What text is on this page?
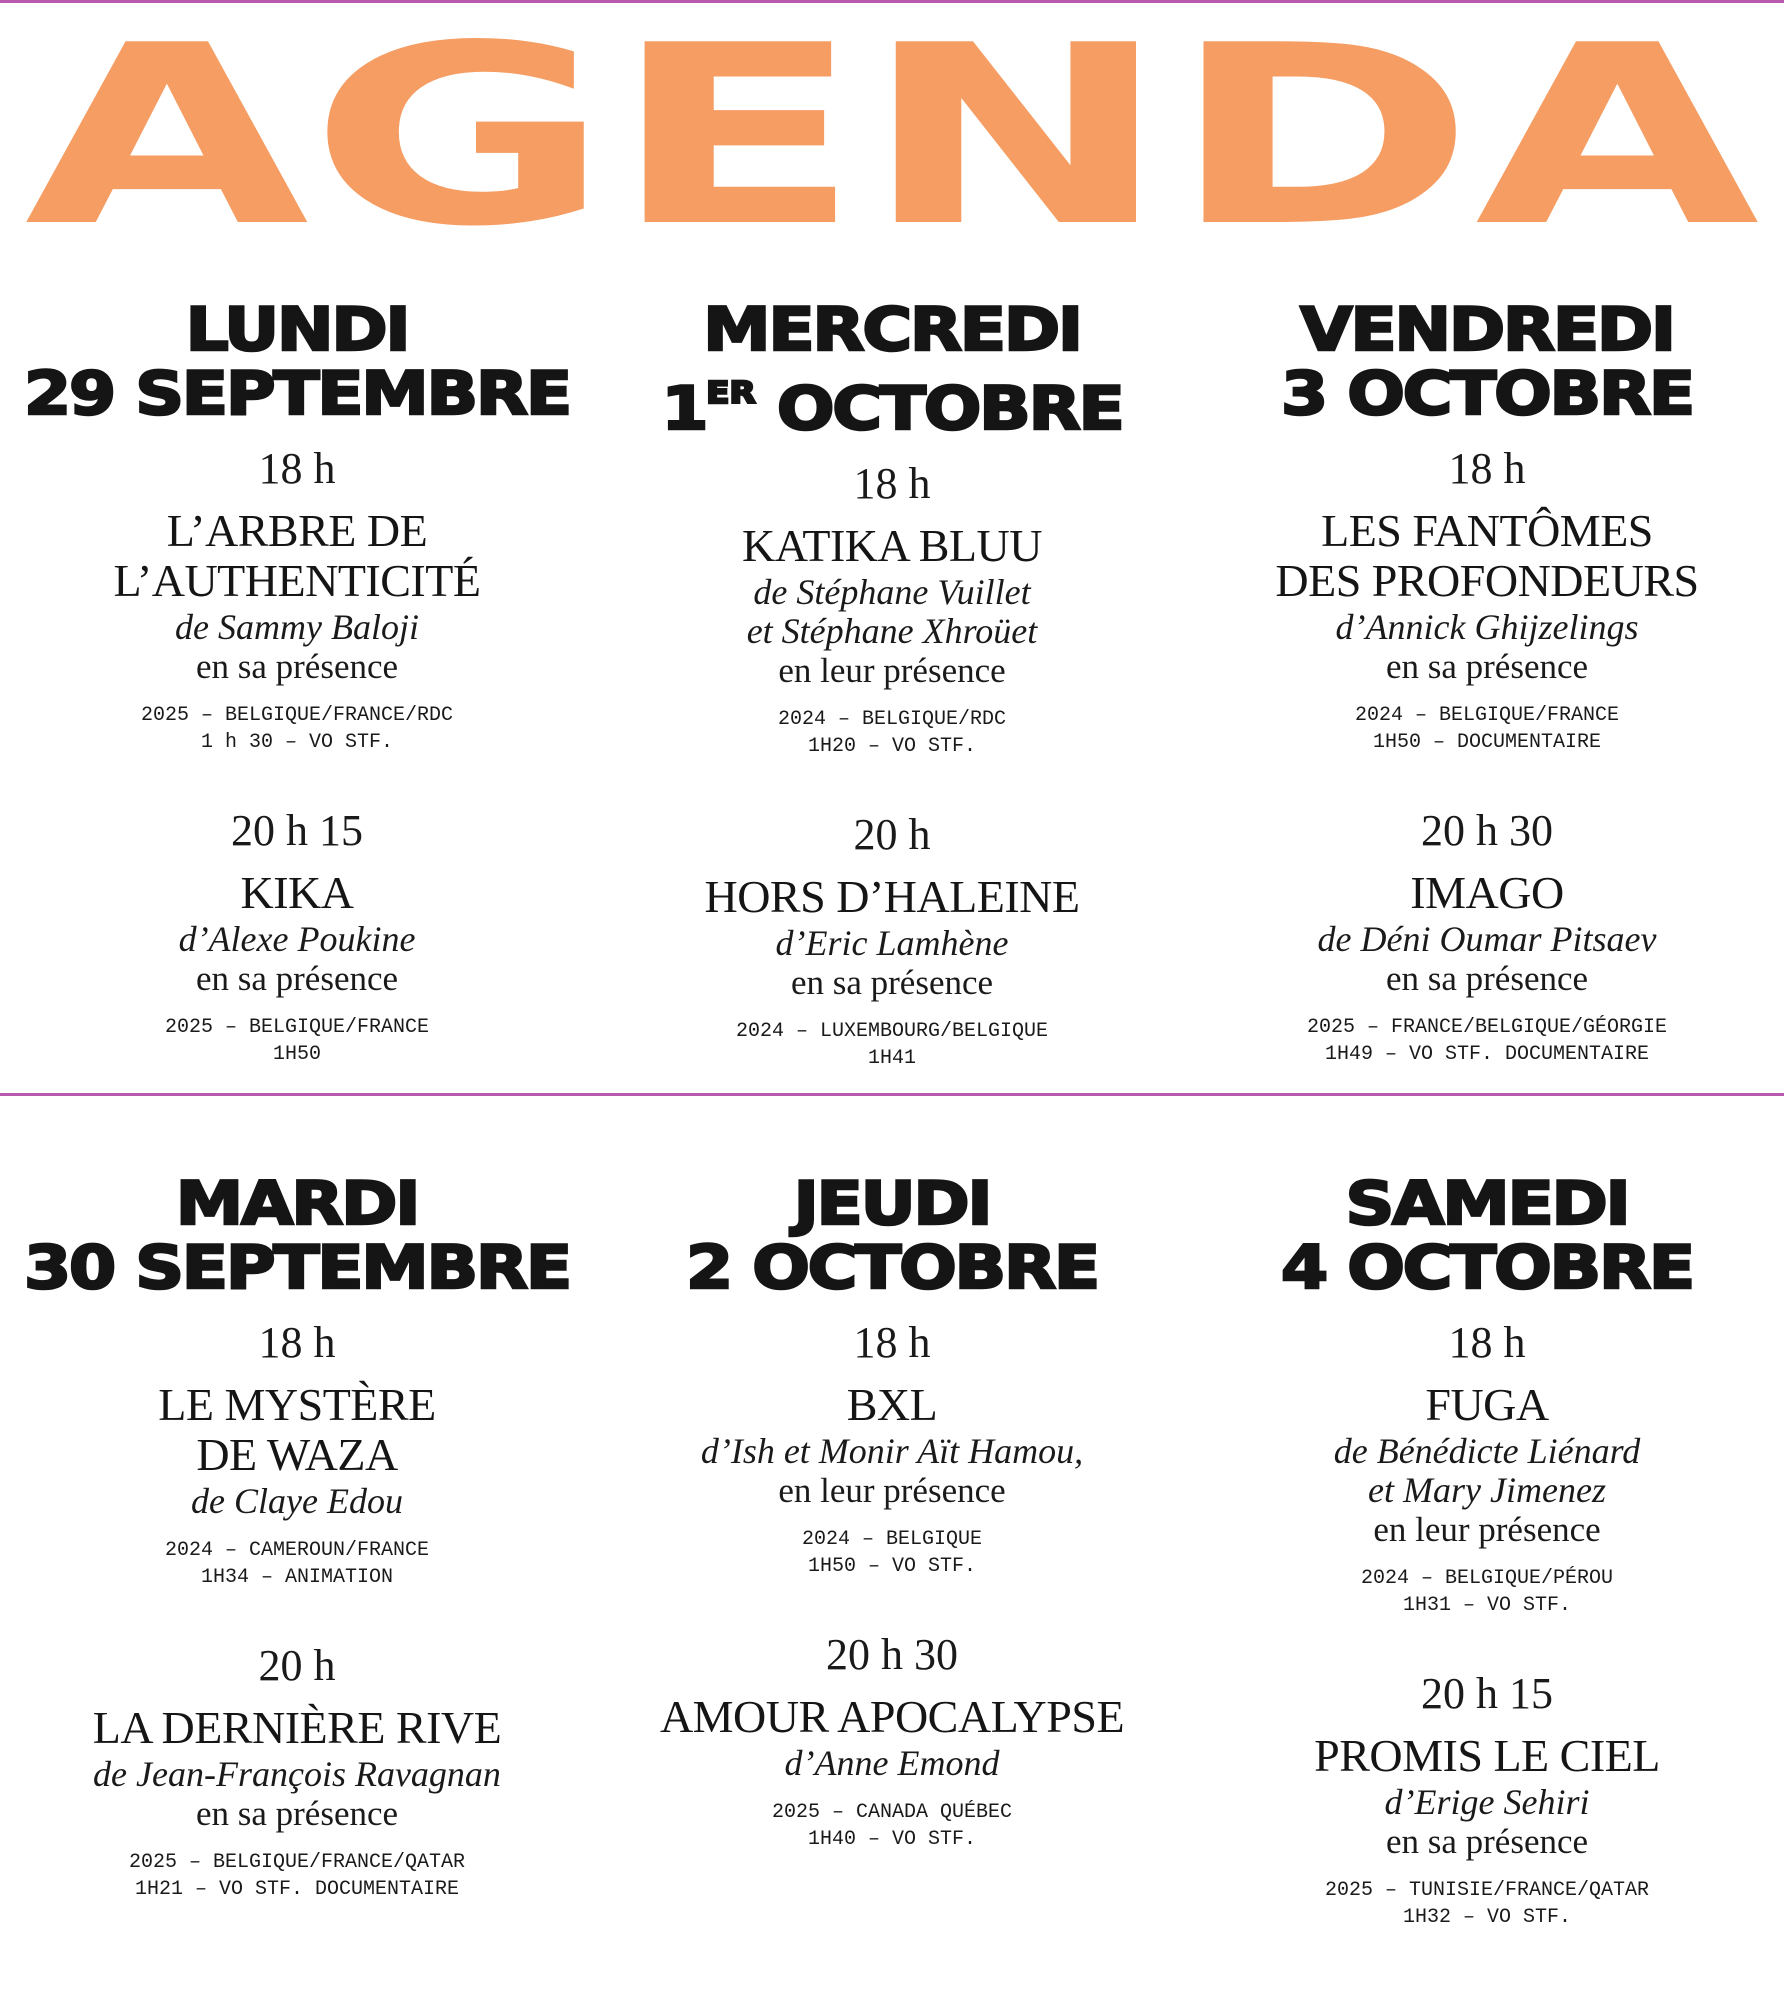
AGENDA
LUNDI
29 SEPTEMBRE
18 h
L’ARBRE DE
L’AUTHENTICITÉ
de Sammy Baloji
en sa présence
2025 – BELGIQUE/FRANCE/RDC
1 h 30 – VO STF.
20 h 15
KIKA
d’Alexe Poukine
en sa présence
2025 – BELGIQUE/FRANCE
1H50
MERCREDI
1ER OCTOBRE
18 h
KATIKA BLUU
de Stéphane Vuillet
et Stéphane Xhroüet
en leur présence
2024 – BELGIQUE/RDC
1H20 – VO STF.
20 h
HORS D’HALEINE
d’Eric Lamhène
en sa présence
2024 – LUXEMBOURG/BELGIQUE
1H41
VENDREDI
3 OCTOBRE
18 h
LES FANTÔMES
DES PROFONDEURS
d’Annick Ghijzelings
en sa présence
2024 – BELGIQUE/FRANCE
1H50 – DOCUMENTAIRE
20 h 30
IMAGO
de Déni Oumar Pitsaev
en sa présence
2025 – FRANCE/BELGIQUE/GÉORGIE
1H49 – VO STF. DOCUMENTAIRE
MARDI
30 SEPTEMBRE
18 h
LE MYSTÈRE
DE WAZA
de Claye Edou
2024 – CAMEROUN/FRANCE
1H34 – ANIMATION
20 h
LA DERNIÈRE RIVE
de Jean-François Ravagnan
en sa présence
2025 – BELGIQUE/FRANCE/QATAR
1H21 – VO STF. DOCUMENTAIRE
JEUDI
2 OCTOBRE
18 h
BXL
d’Ish et Monir Aït Hamou,
en leur présence
2024 – BELGIQUE
1H50 – VO STF.
20 h 30
AMOUR APOCALYPSE
d’Anne Emond
2025 – CANADA QUÉBEC
1H40 – VO STF.
SAMEDI
4 OCTOBRE
18 h
FUGA
de Bénédicte Liénard
et Mary Jimenez
en leur présence
2024 – BELGIQUE/PÉROU
1H31 – VO STF.
20 h 15
PROMIS LE CIEL
d’Erige Sehiri
en sa présence
2025 – TUNISIE/FRANCE/QATAR
1H32 – VO STF.
